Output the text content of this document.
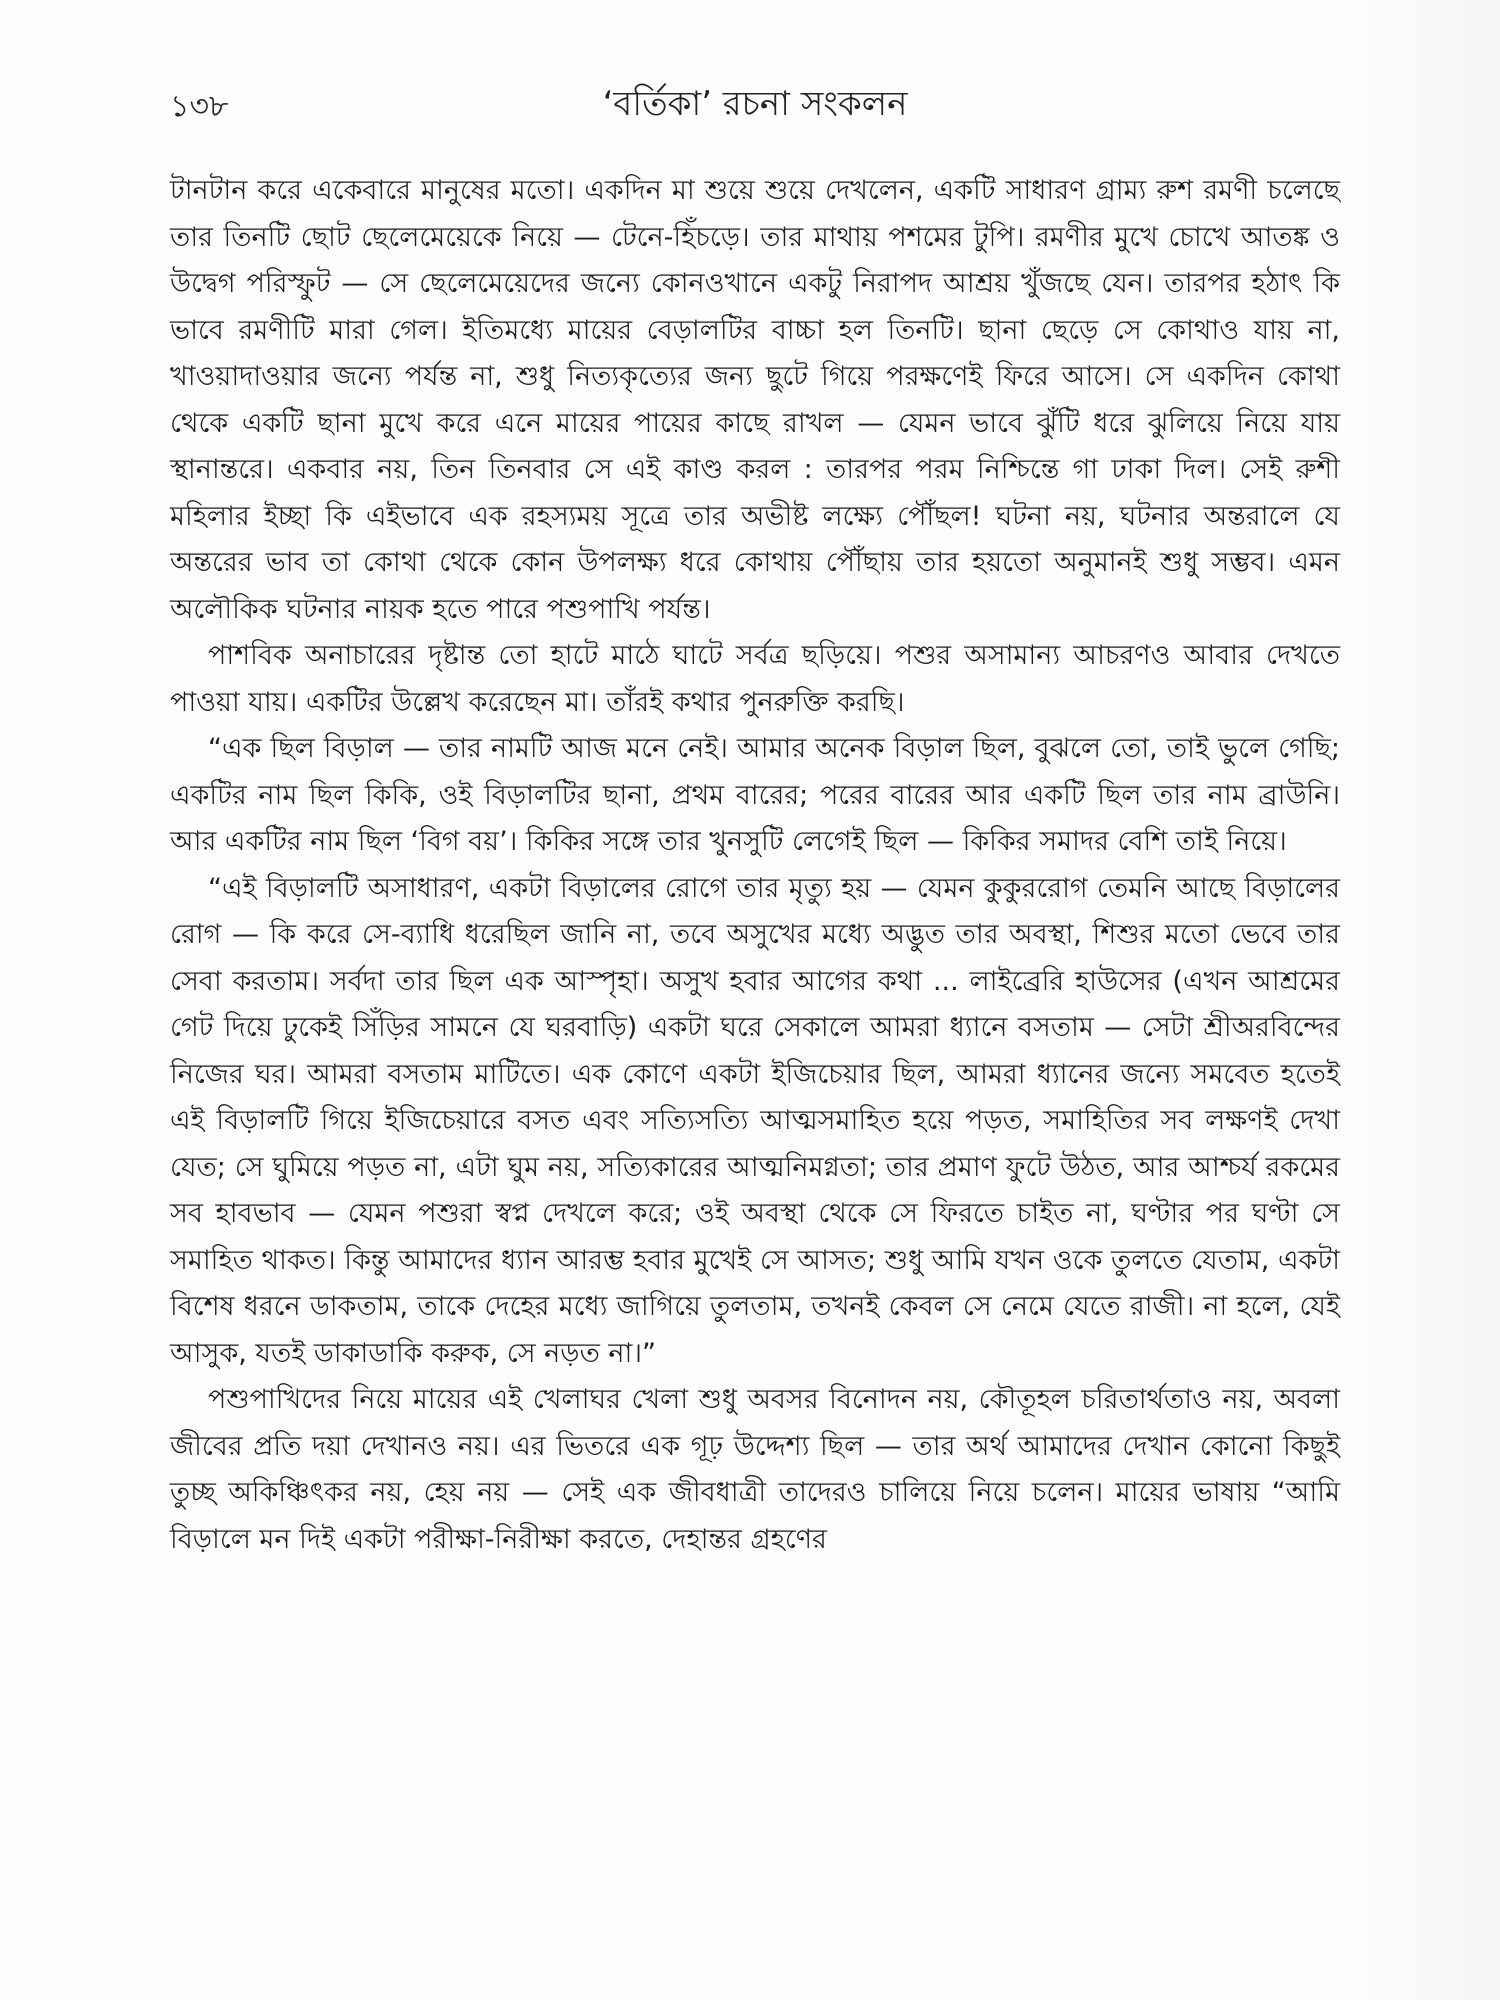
১৩৮	‘বর্তিকা’ রচনা সংকলন

টানটান করে একেবারে মানুষের মতো। একদিন মা শুয়ে শুয়ে দেখলেন, একটি সাধারণ গ্রাম্য রুশ রমণী চলেছে তার তিনটি ছোট ছেলেমেয়েকে নিয়ে — টেনে-হিঁচড়ে। তার মাথায় পশমের টুপি। রমণীর মুখে চোখে আতঙ্ক ও উদ্বেগ পরিস্ফুট — সে ছেলেমেয়েদের জন্যে কোনওখানে একটু নিরাপদ আশ্রয় খুঁজছে যেন। তারপর হঠাৎ কি ভাবে রমণীটি মারা গেল। ইতিমধ্যে মায়ের বেড়ালটির বাচ্চা হল তিনটি। ছানা ছেড়ে সে কোথাও যায় না, খাওয়াদাওয়ার জন্যে পর্যন্ত না, শুধু নিত্যকৃত্যের জন্য ছুটে গিয়ে পরক্ষণেই ফিরে আসে। সে একদিন কোথা থেকে একটি ছানা মুখে করে এনে মায়ের পায়ের কাছে রাখল — যেমন ভাবে ঝুঁটি ধরে ঝুলিয়ে নিয়ে যায় স্থানান্তরে। একবার নয়, তিন তিনবার সে এই কাণ্ড করল : তারপর পরম নিশ্চিন্তে গা ঢাকা দিল। সেই রুশী মহিলার ইচ্ছা কি এইভাবে এক রহস্যময় সূত্রে তার অভীষ্ট লক্ষ্যে পৌঁছল! ঘটনা নয়, ঘটনার অন্তরালে যে অন্তরের ভাব তা কোথা থেকে কোন উপলক্ষ্য ধরে কোথায় পৌঁছায় তার হয়তো অনুমানই শুধু সম্ভব। এমন অলৌকিক ঘটনার নায়ক হতে পারে পশুপাখি পর্যন্ত।

পাশবিক অনাচারের দৃষ্টান্ত তো হাটে মাঠে ঘাটে সর্বত্র ছড়িয়ে। পশুর অসামান্য আচরণও আবার দেখতে পাওয়া যায়। একটির উল্লেখ করেছেন মা। তাঁরই কথার পুনরুক্তি করছি।

“এক ছিল বিড়াল — তার নামটি আজ মনে নেই। আমার অনেক বিড়াল ছিল, বুঝলে তো, তাই ভুলে গেছি; একটির নাম ছিল কিকি, ওই বিড়ালটির ছানা, প্রথম বারের; পরের বারের আর একটি ছিল তার নাম ব্রাউনি। আর একটির নাম ছিল ‘বিগ বয়’। কিকির সঙ্গে তার খুনসুটি লেগেই ছিল — কিকির সমাদর বেশি তাই নিয়ে।

“এই বিড়ালটি অসাধারণ, একটা বিড়ালের রোগে তার মৃত্যু হয় — যেমন কুকুররোগ তেমনি আছে বিড়ালের রোগ — কি করে সে-ব্যাধি ধরেছিল জানি না, তবে অসুখের মধ্যে অদ্ভুত তার অবস্থা, শিশুর মতো ভেবে তার সেবা করতাম। সর্বদা তার ছিল এক আস্পৃহা। অসুখ হবার আগের কথা ... লাইব্রেরি হাউসের (এখন আশ্রমের গেট দিয়ে ঢুকেই সিঁড়ির সামনে যে ঘরবাড়ি) একটা ঘরে সেকালে আমরা ধ্যানে বসতাম — সেটা শ্রীঅরবিন্দের নিজের ঘর। আমরা বসতাম মাটিতে। এক কোণে একটা ইজিচেয়ার ছিল, আমরা ধ্যানের জন্যে সমবেত হতেই এই বিড়ালটি গিয়ে ইজিচেয়ারে বসত এবং সত্যিসত্যি আত্মসমাহিত হয়ে পড়ত, সমাহিতির সব লক্ষণই দেখা যেত; সে ঘুমিয়ে পড়ত না, এটা ঘুম নয়, সত্যিকারের আত্মনিমগ্নতা; তার প্রমাণ ফুটে উঠত, আর আশ্চর্য রকমের সব হাবভাব — যেমন পশুরা স্বপ্ন দেখলে করে; ওই অবস্থা থেকে সে ফিরতে চাইত না, ঘণ্টার পর ঘণ্টা সে সমাহিত থাকত। কিন্তু আমাদের ধ্যান আরম্ভ হবার মুখেই সে আসত; শুধু আমি যখন ওকে তুলতে যেতাম, একটা বিশেষ ধরনে ডাকতাম, তাকে দেহের মধ্যে জাগিয়ে তুলতাম, তখনই কেবল সে নেমে যেতে রাজী। না হলে, যেই আসুক, যতই ডাকাডাকি করুক, সে নড়ত না।”

পশুপাখিদের নিয়ে মায়ের এই খেলাঘর খেলা শুধু অবসর বিনোদন নয়, কৌতূহল চরিতার্থতাও নয়, অবলা জীবের প্রতি দয়া দেখানও নয়। এর ভিতরে এক গূঢ় উদ্দেশ্য ছিল — তার অর্থ আমাদের দেখান কোনো কিছুই তুচ্ছ অকিঞ্চিৎকর নয়, হেয় নয় — সেই এক জীবধাত্রী তাদেরও চালিয়ে নিয়ে চলেন। মায়ের ভাষায় “আমি বিড়ালে মন দিই একটা পরীক্ষা-নিরীক্ষা করতে, দেহান্তর গ্রহণের
